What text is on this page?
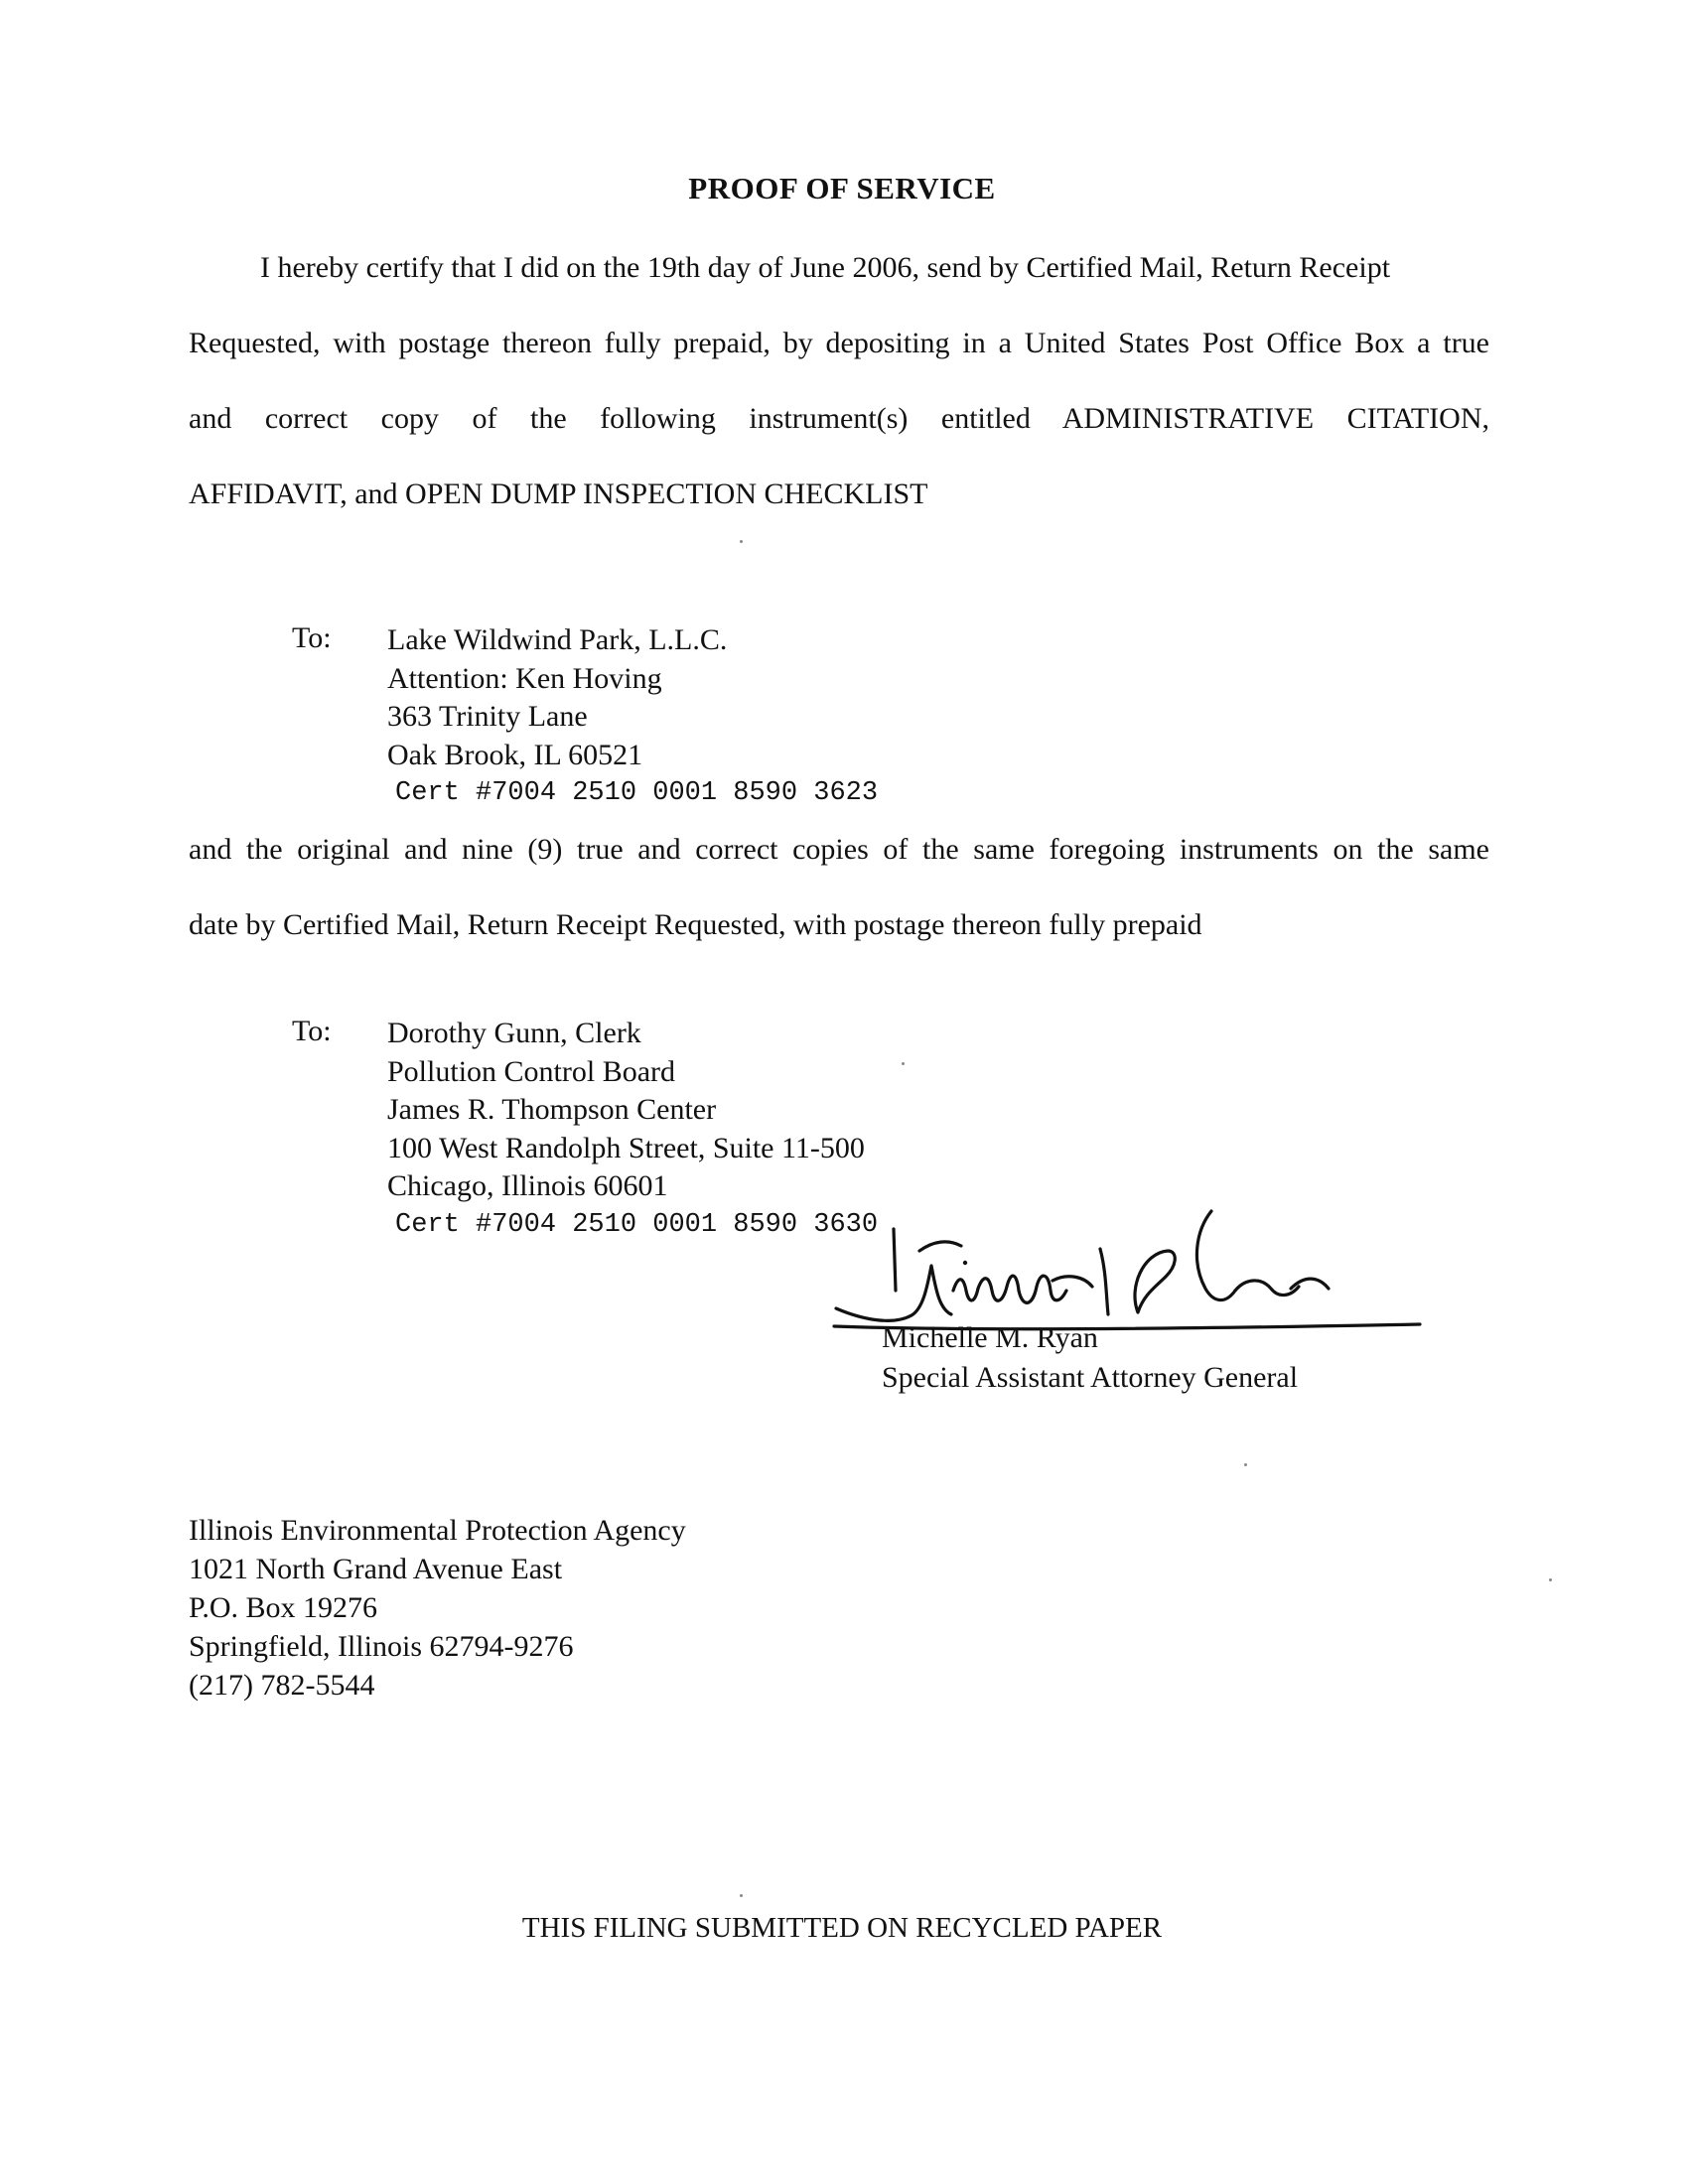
PROOF OF SERVICE
I hereby certify that I did on the 19th day of June 2006, send by Certified Mail, Return Receipt
Requested, with postage thereon fully prepaid, by depositing in a United States Post Office Box a true
and correct copy of the following instrument(s) entitled ADMINISTRATIVE CITATION,
AFFIDAVIT, and OPEN DUMP INSPECTION CHECKLIST
To: Lake Wildwind Park, L.L.C.
Attention: Ken Hoving
363 Trinity Lane
Oak Brook, IL 60521
Cert #7004 2510 0001 8590 3623
and the original and nine (9) true and correct copies of the same foregoing instruments on the same
date by Certified Mail, Return Receipt Requested, with postage thereon fully prepaid
To: Dorothy Gunn, Clerk
Pollution Control Board
James R. Thompson Center
100 West Randolph Street, Suite 11-500
Chicago, Illinois 60601
Cert #7004 2510 0001 8590 3630
Michelle M. Ryan
Special Assistant Attorney General
Illinois Environmental Protection Agency
1021 North Grand Avenue East
P.O. Box 19276
Springfield, Illinois 62794-9276
(217) 782-5544
THIS FILING SUBMITTED ON RECYCLED PAPER
